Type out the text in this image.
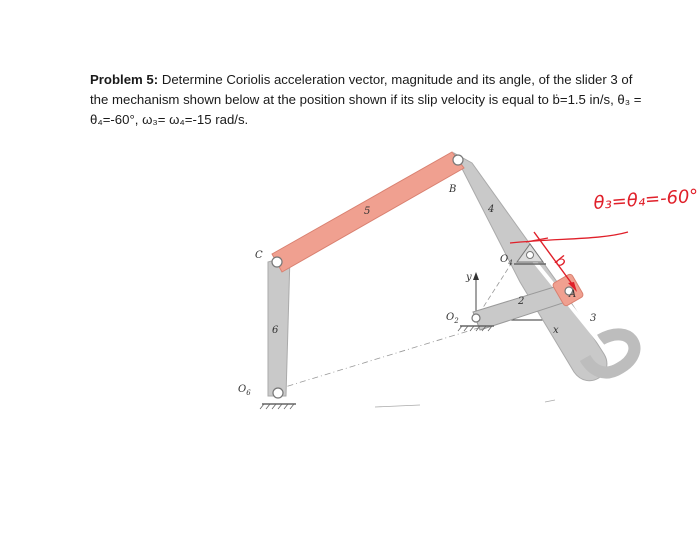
Problem 5: Determine Coriolis acceleration vector, magnitude and its angle, of the slider 3 of

the mechanism shown below at the position shown if its slip velocity is equal to ḃ=1.5 in/s, θ₃ =

θ₄=-60°, ω₃= ω₄=-15 rad/s.

B
C
5	4
6
2
3
$O_4$
$O_2$
$O_6$
A
y
x
θ₃=θ₄=-60°
b
